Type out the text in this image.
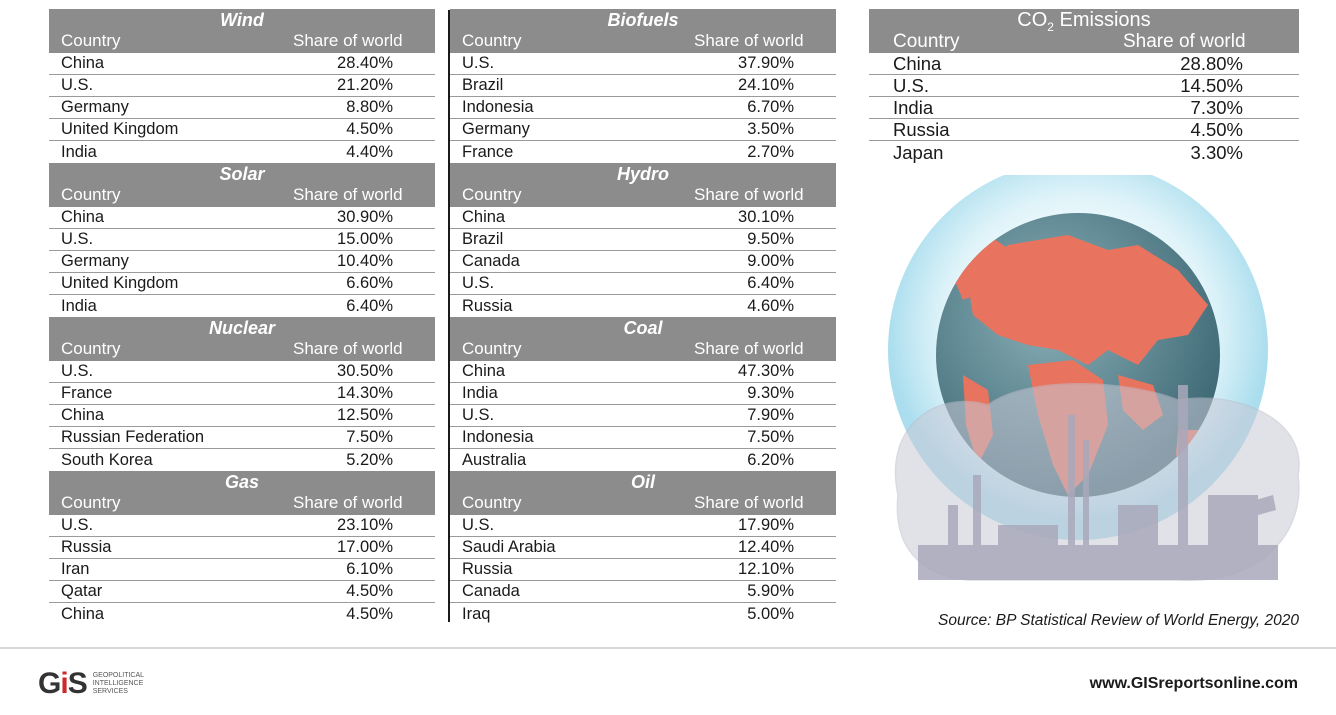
Wind
Country	Share of world
China	28.40%
U.S.	21.20%
Germany	8.80%
United Kingdom	4.50%
India	4.40%
Solar
Country	Share of world
China	30.90%
U.S.	15.00%
Germany	10.40%
United Kingdom	6.60%
India	6.40%
Nuclear
Country	Share of world
U.S.	30.50%
France	14.30%
China	12.50%
Russian Federation	7.50%
South Korea	5.20%
Gas
Country	Share of world
U.S.	23.10%
Russia	17.00%
Iran	6.10%
Qatar	4.50%
China	4.50%
Biofuels
Country	Share of world
U.S.	37.90%
Brazil	24.10%
Indonesia	6.70%
Germany	3.50%
France	2.70%
Hydro
Country	Share of world
China	30.10%
Brazil	9.50%
Canada	9.00%
U.S.	6.40%
Russia	4.60%
Coal
Country	Share of world
China	47.30%
India	9.30%
U.S.	7.90%
Indonesia	7.50%
Australia	6.20%
Oil
Country	Share of world
U.S.	17.90%
Saudi Arabia	12.40%
Russia	12.10%
Canada	5.90%
Iraq	5.00%
$CO_2$ Emissions
Country	Share of world
China	28.80%
U.S.	14.50%
India	7.30%
Russia	4.50%
Japan	3.30%
Source: BP Statistical Review of World Energy, 2020
GiS GEOPOLITICAL
INTELLIGENCE
SERVICES	www.GISreportsonline.com
